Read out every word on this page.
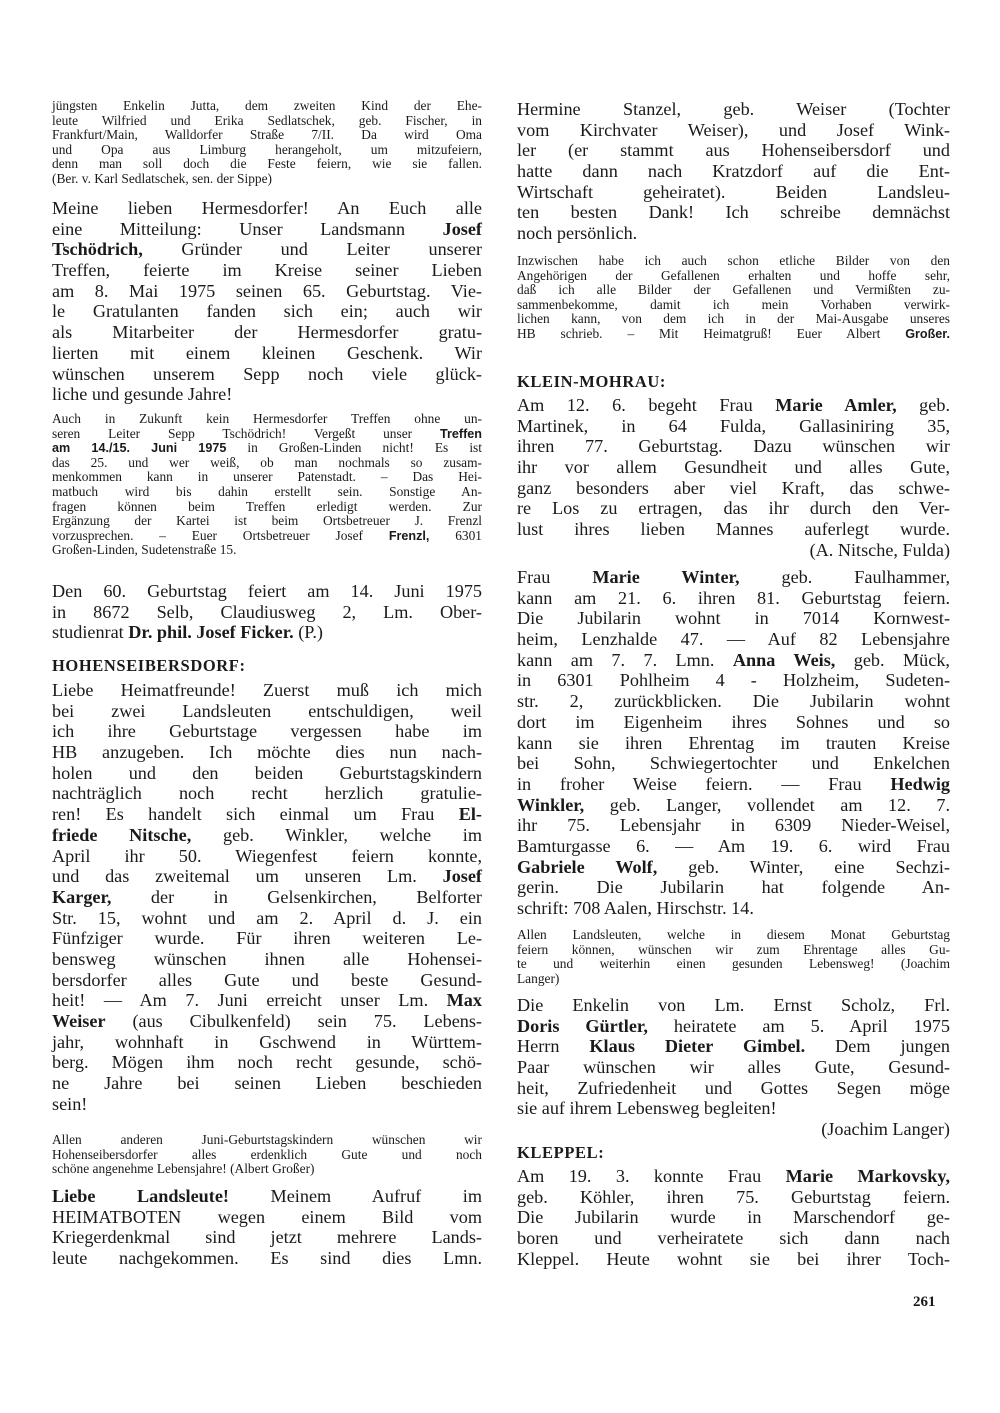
jüngsten Enkelin Jutta, dem zweiten Kind der Ehe-
leute Wilfried und Erika Sedlatschek, geb. Fischer, in
Frankfurt/Main, Walldorfer Straße 7/II. Da wird Oma
und Opa aus Limburg herangeholt, um mitzufeiern,
denn man soll doch die Feste feiern, wie sie fallen.
(Ber. v. Karl Sedlatschek, sen. der Sippe)
Meine lieben Hermesdorfer! An Euch alle
eine Mitteilung: Unser Landsmann Josef
Tschödrich, Gründer und Leiter unserer
Treffen, feierte im Kreise seiner Lieben
am 8. Mai 1975 seinen 65. Geburtstag. Vie-
le Gratulanten fanden sich ein; auch wir
als Mitarbeiter der Hermesdorfer gratu-
lierten mit einem kleinen Geschenk. Wir
wünschen unserem Sepp noch viele glück-
liche und gesunde Jahre!
Auch in Zukunft kein Hermesdorfer Treffen ohne un-
seren Leiter Sepp Tschödrich! Vergeßt unser Treffen
am 14./15. Juni 1975 in Großen-Linden nicht! Es ist
das 25. und wer weiß, ob man nochmals so zusam-
menkommen kann in unserer Patenstadt. – Das Hei-
matbuch wird bis dahin erstellt sein. Sonstige An-
fragen können beim Treffen erledigt werden. Zur
Ergänzung der Kartei ist beim Ortsbetreuer J. Frenzl
vorzusprechen. – Euer Ortsbetreuer Josef Frenzl, 6301
Großen-Linden, Sudetenstraße 15.
Den 60. Geburtstag feiert am 14. Juni 1975
in 8672 Selb, Claudiusweg 2, Lm. Ober-
studienrat Dr. phil. Josef Ficker. (P.)
HOHENSEIBERSDORF:
Liebe Heimatfreunde! Zuerst muß ich mich
bei zwei Landsleuten entschuldigen, weil
ich ihre Geburtstage vergessen habe im
HB anzugeben. Ich möchte dies nun nach-
holen und den beiden Geburtstagskindern
nachträglich noch recht herzlich gratulie-
ren! Es handelt sich einmal um Frau El-
friede Nitsche, geb. Winkler, welche im
April ihr 50. Wiegenfest feiern konnte,
und das zweitemal um unseren Lm. Josef
Karger, der in Gelsenkirchen, Belforter
Str. 15, wohnt und am 2. April d. J. ein
Fünfziger wurde. Für ihren weiteren Le-
bensweg wünschen ihnen alle Hohensei-
bersdorfer alles Gute und beste Gesund-
heit! — Am 7. Juni erreicht unser Lm. Max
Weiser (aus Cibulkenfeld) sein 75. Lebens-
jahr, wohnhaft in Gschwend in Württem-
berg. Mögen ihm noch recht gesunde, schö-
ne Jahre bei seinen Lieben beschieden
sein!
Allen anderen Juni-Geburtstagskindern wünschen wir
Hohenseibersdorfer alles erdenklich Gute und noch
schöne angenehme Lebensjahre! (Albert Großer)
Liebe Landsleute! Meinem Aufruf im
HEIMATBOTEN wegen einem Bild vom
Kriegerdenkmal sind jetzt mehrere Lands-
leute nachgekommen. Es sind dies Lmn.
Hermine Stanzel, geb. Weiser (Tochter
vom Kirchvater Weiser), und Josef Wink-
ler (er stammt aus Hohenseibersdorf und
hatte dann nach Kratzdorf auf die Ent-
Wirtschaft geheiratet). Beiden Landsleu-
ten besten Dank! Ich schreibe demnächst
noch persönlich.
Inzwischen habe ich auch schon etliche Bilder von den
Angehörigen der Gefallenen erhalten und hoffe sehr,
daß ich alle Bilder der Gefallenen und Vermißten zu-
sammenbekomme, damit ich mein Vorhaben verwirk-
lichen kann, von dem ich in der Mai-Ausgabe unseres
HB schrieb. – Mit Heimatgruß! Euer Albert Großer.
KLEIN-MOHRAU:
Am 12. 6. begeht Frau Marie Amler, geb.
Martinek, in 64 Fulda, Gallasiniring 35,
ihren 77. Geburtstag. Dazu wünschen wir
ihr vor allem Gesundheit und alles Gute,
ganz besonders aber viel Kraft, das schwe-
re Los zu ertragen, das ihr durch den Ver-
lust ihres lieben Mannes auferlegt wurde.
(A. Nitsche, Fulda)
Frau Marie Winter, geb. Faulhammer,
kann am 21. 6. ihren 81. Geburtstag feiern.
Die Jubilarin wohnt in 7014 Kornwest-
heim, Lenzhalde 47. — Auf 82 Lebensjahre
kann am 7. 7. Lmn. Anna Weis, geb. Mück,
in 6301 Pohlheim 4 - Holzheim, Sudeten-
str. 2, zurückblicken. Die Jubilarin wohnt
dort im Eigenheim ihres Sohnes und so
kann sie ihren Ehrentag im trauten Kreise
bei Sohn, Schwiegertochter und Enkelchen
in froher Weise feiern. — Frau Hedwig
Winkler, geb. Langer, vollendet am 12. 7.
ihr 75. Lebensjahr in 6309 Nieder-Weisel,
Bamturgasse 6. — Am 19. 6. wird Frau
Gabriele Wolf, geb. Winter, eine Sechzi-
gerin. Die Jubilarin hat folgende An-
schrift: 708 Aalen, Hirschstr. 14.
Allen Landsleuten, welche in diesem Monat Geburtstag
feiern können, wünschen wir zum Ehrentage alles Gu-
te und weiterhin einen gesunden Lebensweg! (Joachim
Langer)
Die Enkelin von Lm. Ernst Scholz, Frl.
Doris Gürtler, heiratete am 5. April 1975
Herrn Klaus Dieter Gimbel. Dem jungen
Paar wünschen wir alles Gute, Gesund-
heit, Zufriedenheit und Gottes Segen möge
sie auf ihrem Lebensweg begleiten!
(Joachim Langer)
KLEPPEL:
Am 19. 3. konnte Frau Marie Markovsky,
geb. Köhler, ihren 75. Geburtstag feiern.
Die Jubilarin wurde in Marschendorf ge-
boren und verheiratete sich dann nach
Kleppel. Heute wohnt sie bei ihrer Toch-
261
